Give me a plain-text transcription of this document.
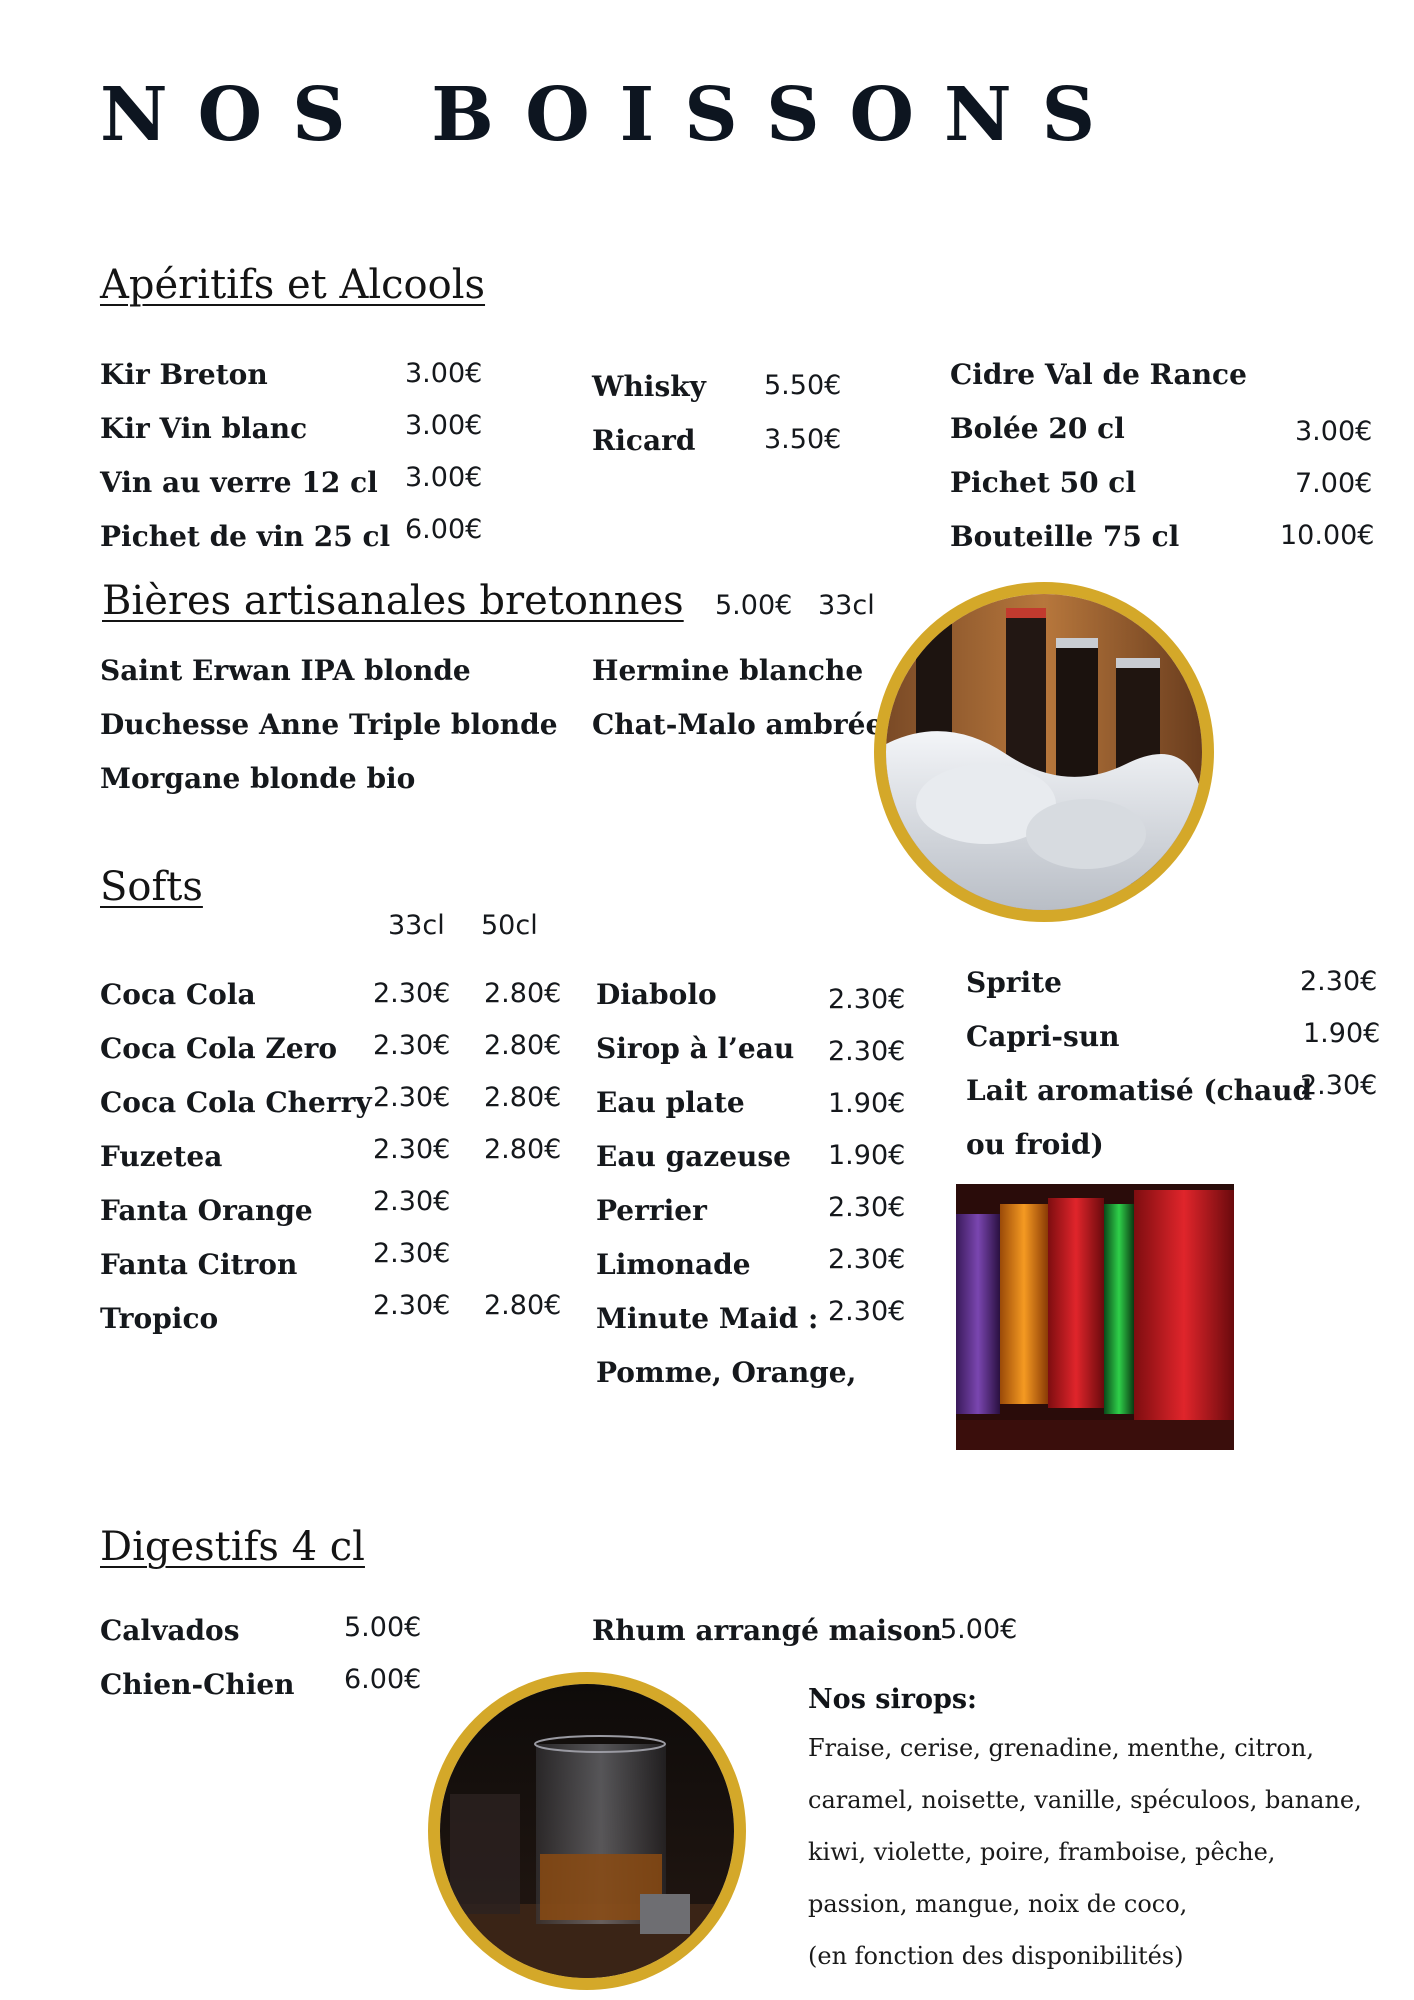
NOS BOISSONS
Apéritifs et Alcools
Kir Breton	3.00€
Kir Vin blanc	3.00€
Vin au verre 12 cl 3.00€
Pichet de vin 25 cl 6.00€
Whisky 5.50€
Ricard	3.50€
Cidre Val de Rance
Bolée 20 cl	3.00€
Pichet 50 cl	7.00€
Bouteille 75 cl	10.00€
Bières artisanales bretonnes 5.00€ 33cl
Saint Erwan IPA blonde
Duchesse Anne Triple blonde
Morgane blonde bio
Hermine blanche
Chat-Malo ambrée
Softs
33cl 50cl
Coca Cola	2.30€ 2.80€
Coca Cola Zero 2.30€ 2.80€
Coca Cola Cherry 2.30€ 2.80€
Fuzetea	2.30€ 2.80€
Fanta Orange 2.30€
Fanta Citron	2.30€
Tropico	2.30€ 2.80€
Diabolo	2.30€
Sirop à l’eau 2.30€
Eau plate	1.90€
Eau gazeuse 1.90€
Perrier	2.30€
Limonade	2.30€
Minute Maid : 2.30€
Pomme, Orange,
Sprite	2.30€
Capri-sun	1.90€
Lait aromatisé (chaud
2.30€
ou froid)
Digestifs 4 cl
Calvados	5.00€
Chien-Chien 6.00€
Rhum arrangé maison
5.00€
Nos sirops:
Fraise, cerise, grenadine, menthe, citron,
caramel, noisette, vanille, spéculoos, banane,
kiwi, violette, poire, framboise, pêche,
passion, mangue, noix de coco,
(en fonction des disponibilités)
